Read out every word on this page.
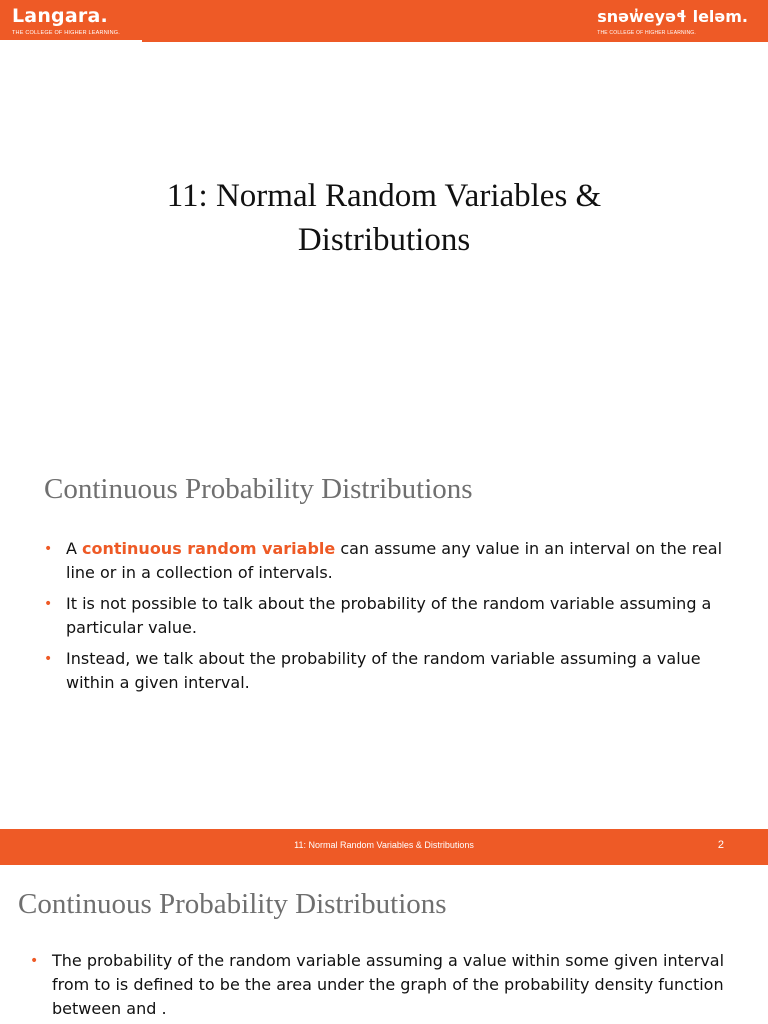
Langara.
THE COLLEGE OF HIGHER LEARNING.
snəw̓eyəɬ leləm.
THE COLLEGE OF HIGHER LEARNING.
11: Normal Random Variables &
Distributions
Continuous Probability Distributions
• A continuous random variable can assume any value in an interval on the real line or in a collection of intervals.
• It is not possible to talk about the probability of the random variable assuming a particular value.
• Instead, we talk about the probability of the random variable assuming a value within a given interval.
11: Normal Random Variables & Distributions	2
Continuous Probability Distributions
• The probability of the random variable assuming a value within some given interval from to is defined to be the area under the graph of the probability density function between and .
